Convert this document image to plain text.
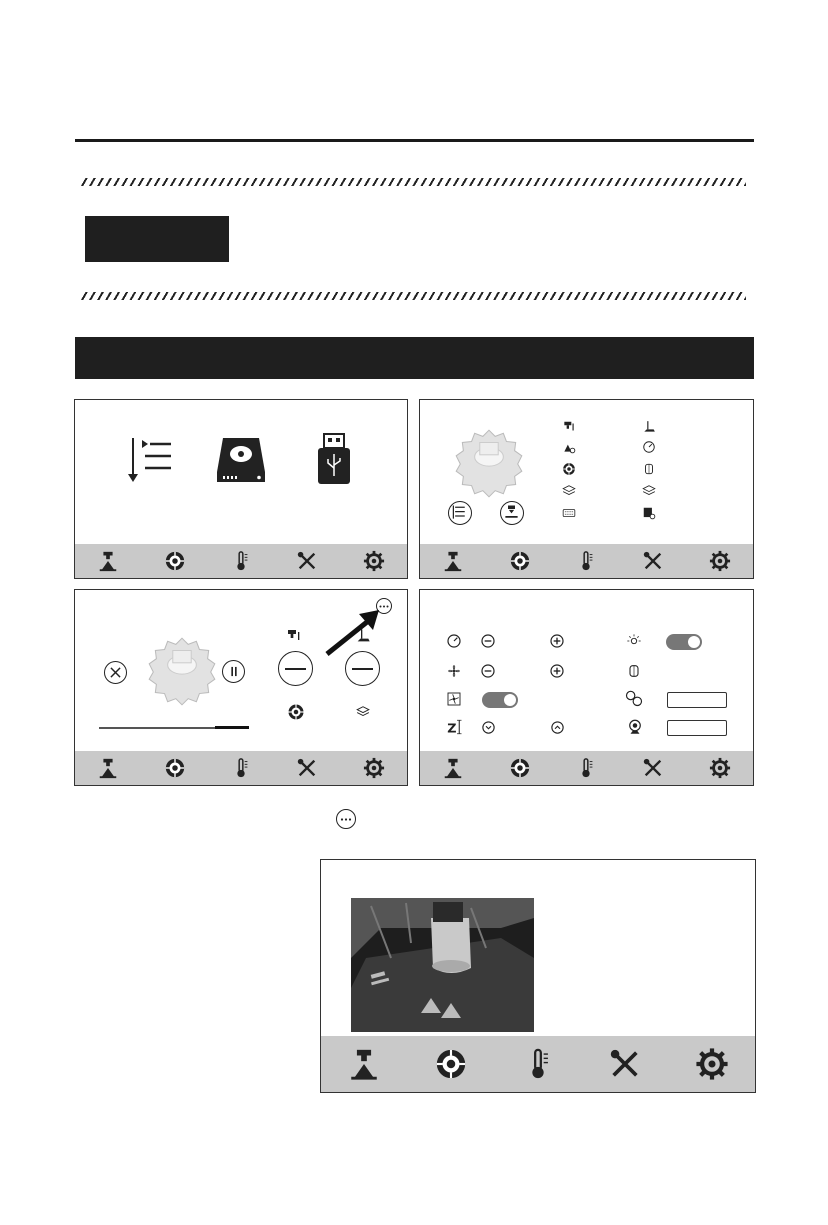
Z
